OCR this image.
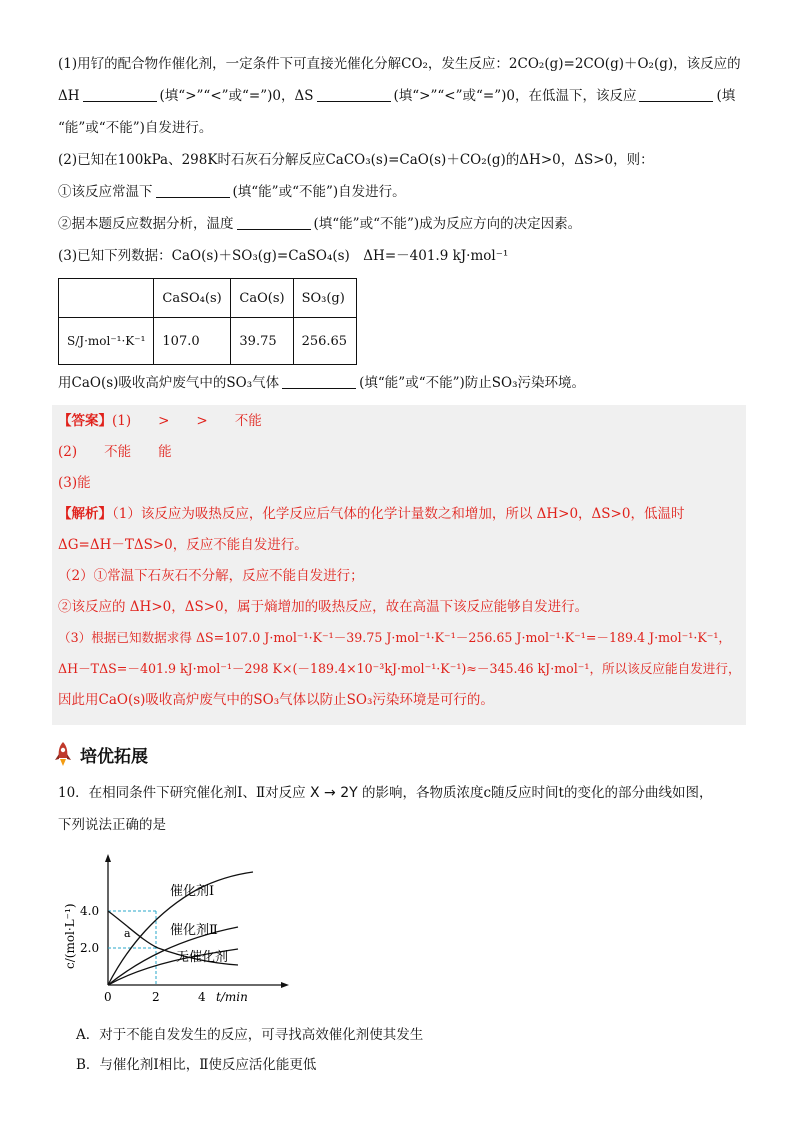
(1)用钌的配合物作催化剂，一定条件下可直接光催化分解CO₂，发生反应：2CO₂(g)=2CO(g)＋O₂(g)，该反应的
ΔH	(填“>”“<”或“=”)0，ΔS	(填“>”“<”或“=”)0，在低温下，该反应	(填
“能”或“不能”)自发进行。
(2)已知在100kPa、298K时石灰石分解反应CaCO₃(s)=CaO(s)＋CO₂(g)的ΔH>0，ΔS>0，则：
①该反应常温下	(填“能”或“不能”)自发进行。
②据本题反应数据分析，温度	(填“能”或“不能”)成为反应方向的决定因素。
(3)已知下列数据：CaO(s)＋SO₃(g)=CaSO₄(s)　ΔH=－401.9 kJ·mol⁻¹
	CaSO₄(s)	CaO(s)	SO₃(g)
S/J·mol⁻¹·K⁻¹	107.0	39.75	256.65
用CaO(s)吸收高炉废气中的SO₃气体	(填“能”或“不能”)防止SO₃污染环境。
【答案】(1)　　>　　>　　不能
(2)　　不能　　能
(3)能
【解析】（1）该反应为吸热反应，化学反应后气体的化学计量数之和增加，所以 ΔH>0，ΔS>0，低温时
ΔG=ΔH－TΔS>0，反应不能自发进行。
（2）①常温下石灰石不分解，反应不能自发进行；
②该反应的 ΔH>0，ΔS>0，属于熵增加的吸热反应，故在高温下该反应能够自发进行。
（3）根据已知数据求得 ΔS=107.0 J·mol⁻¹·K⁻¹－39.75 J·mol⁻¹·K⁻¹－256.65 J·mol⁻¹·K⁻¹=－189.4 J·mol⁻¹·K⁻¹，
ΔH－TΔS=－401.9 kJ·mol⁻¹－298 K×(－189.4×10⁻³kJ·mol⁻¹·K⁻¹)≈－345.46 kJ·mol⁻¹，所以该反应能自发进行，
因此用CaO(s)吸收高炉废气中的SO₃气体以防止SO₃污染环境是可行的。
培优拓展
10．在相同条件下研究催化剂Ⅰ、Ⅱ对反应 X → 2Y 的影响，各物质浓度c随反应时间t的变化的部分曲线如图，
下列说法正确的是
催化剂Ⅰ
催化剂Ⅱ
无催化剂
a
4.0
2.0
0	2	4 t/min
c/(mol·L⁻¹)
A．对于不能自发发生的反应，可寻找高效催化剂使其发生
B．与催化剂Ⅰ相比，Ⅱ使反应活化能更低
